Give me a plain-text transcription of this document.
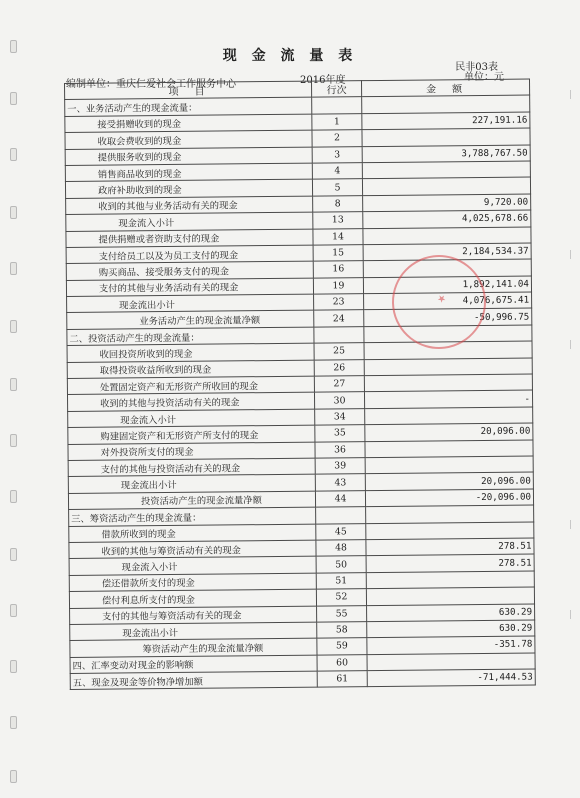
现 金 流 量 表
民非03表
编制单位：重庆仁爱社会工作服务中心	2016年度	单位：元
项　目	行次	金　额
一、业务活动产生的现金流量：		
接受捐赠收到的现金	1	227,191.16
收取会费收到的现金	2	
提供服务收到的现金	3	3,788,767.50
销售商品收到的现金	4	
政府补助收到的现金	5	
收到的其他与业务活动有关的现金	8	9,720.00
现金流入小计	13	4,025,678.66
提供捐赠或者资助支付的现金	14	
支付给员工以及为员工支付的现金	15	2,184,534.37
购买商品、接受服务支付的现金	16	
支付的其他与业务活动有关的现金	19	1,892,141.04
现金流出小计	23	4,076,675.41
业务活动产生的现金流量净额	24	-50,996.75
二、投资活动产生的现金流量：		
收回投资所收到的现金	25	
取得投资收益所收到的现金	26	
处置固定资产和无形资产所收回的现金	27	
收到的其他与投资活动有关的现金	30	-
现金流入小计	34	
购建固定资产和无形资产所支付的现金	35	20,096.00
对外投资所支付的现金	36	
支付的其他与投资活动有关的现金	39	
现金流出小计	43	20,096.00
投资活动产生的现金流量净额	44	-20,096.00
三、筹资活动产生的现金流量：		
借款所收到的现金	45	
收到的其他与筹资活动有关的现金	48	278.51
现金流入小计	50	278.51
偿还借款所支付的现金	51	
偿付利息所支付的现金	52	
支付的其他与筹资活动有关的现金	55	630.29
现金流出小计	58	630.29
筹资活动产生的现金流量净额	59	-351.78
四、汇率变动对现金的影响额	60	
五、现金及现金等价物净增加额	61	-71,444.53
★
